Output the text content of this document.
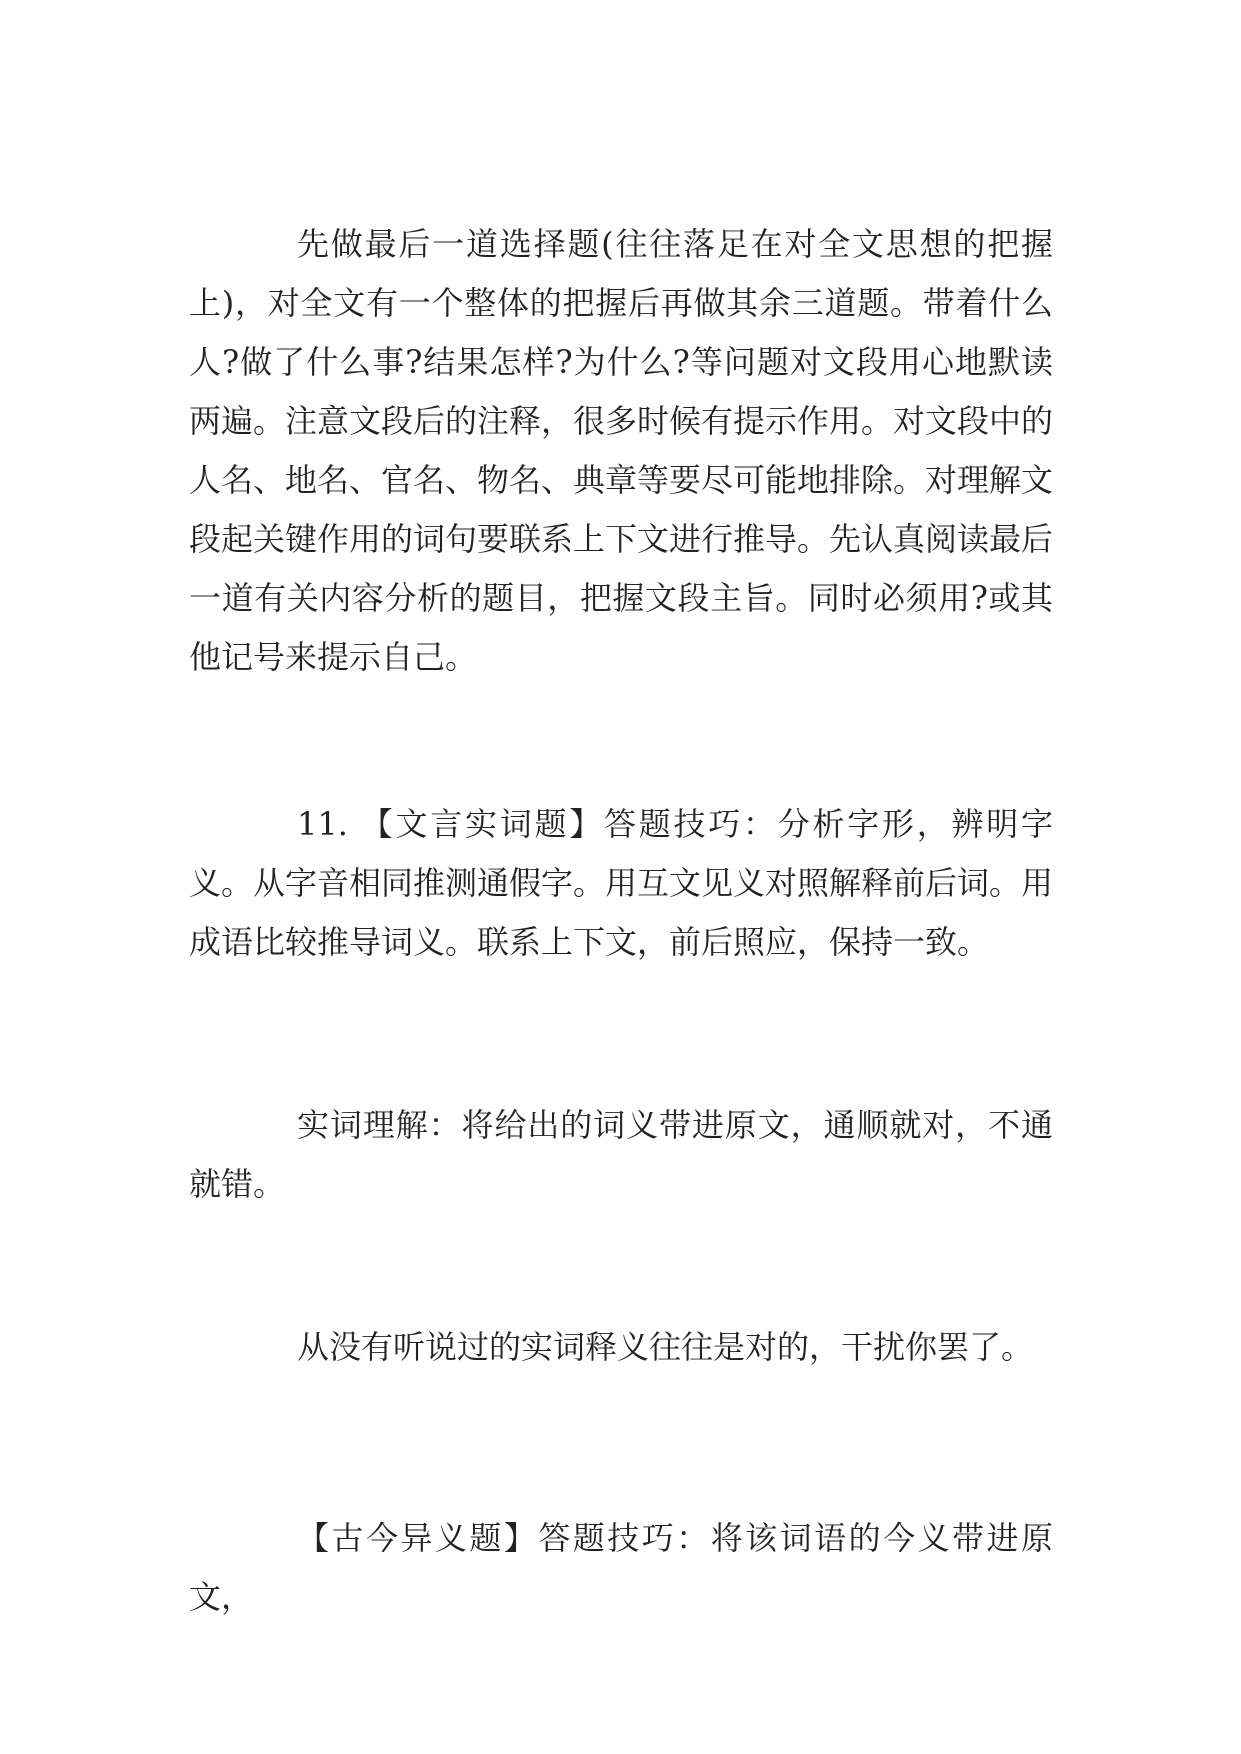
先做最后一道选择题(往往落足在对全文思想的把握上)，对全文有一个整体的把握后再做其余三道题。带着什么人?做了什么事?结果怎样?为什么?等问题对文段用心地默读两遍。注意文段后的注释，很多时候有提示作用。对文段中的人名、地名、官名、物名、典章等要尽可能地排除。对理解文段起关键作用的词句要联系上下文进行推导。先认真阅读最后一道有关内容分析的题目，把握文段主旨。同时必须用?或其他记号来提示自己。

11. 【文言实词题】答题技巧：分析字形，辨明字义。从字音相同推测通假字。用互文见义对照解释前后词。用成语比较推导词义。联系上下文，前后照应，保持一致。

实词理解：将给出的词义带进原文，通顺就对，不通就错。

从没有听说过的实词释义往往是对的，干扰你罢了。

【古今异义题】答题技巧：将该词语的今义带进原文，
